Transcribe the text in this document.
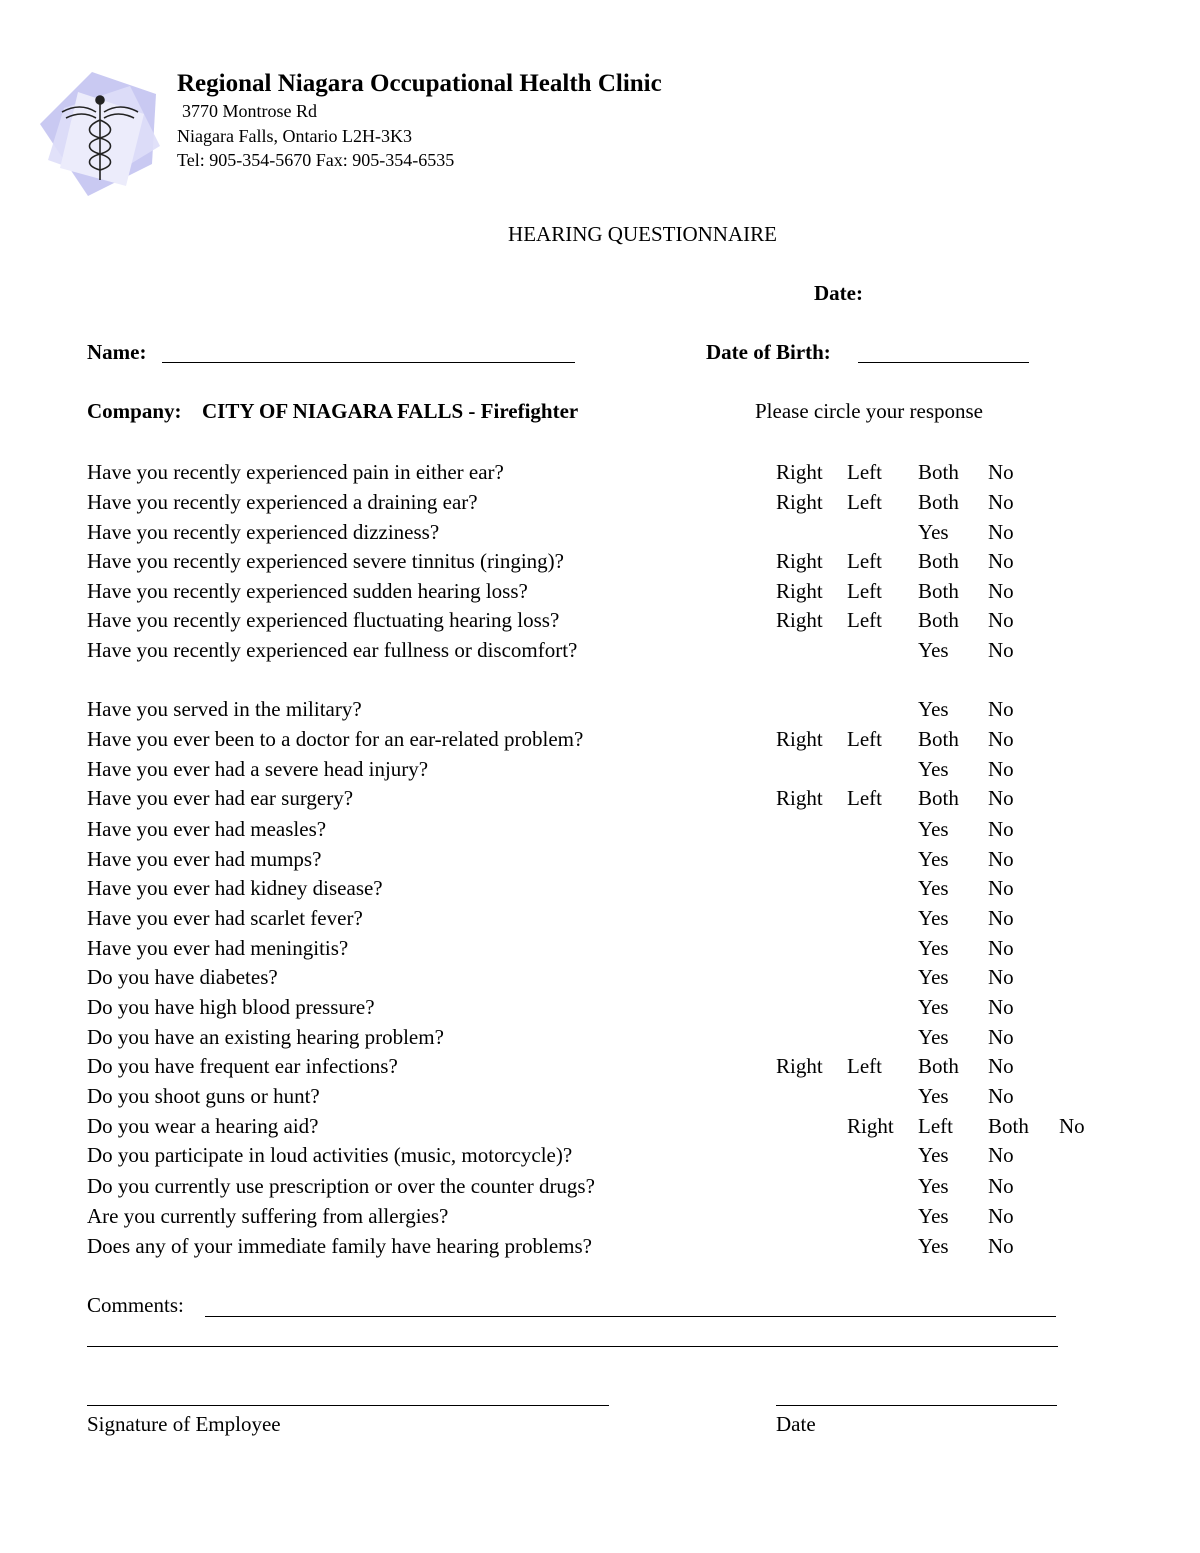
Regional Niagara Occupational Health Clinic
3770 Montrose Rd
Niagara Falls, Ontario L2H-3K3
Tel: 905-354-5670 Fax: 905-354-6535
HEARING QUESTIONNAIRE
Date:
Name:	Date of Birth:
Company: CITY OF NIAGARA FALLS - Firefighter	Please circle your response
Have you recently experienced pain in either ear?	Right Left Both No
Have you recently experienced a draining ear?	Right Left Both No
Have you recently experienced dizziness?	Yes No
Have you recently experienced severe tinnitus (ringing)?	Right Left Both No
Have you recently experienced sudden hearing loss?	Right Left Both No
Have you recently experienced fluctuating hearing loss?	Right Left Both No
Have you recently experienced ear fullness or discomfort?	Yes No
Have you served in the military?	Yes No
Have you ever been to a doctor for an ear-related problem?	Right Left Both No
Have you ever had a severe head injury?	Yes No
Have you ever had ear surgery?	Right Left Both No
Have you ever had measles?	Yes No
Have you ever had mumps?	Yes No
Have you ever had kidney disease?	Yes No
Have you ever had scarlet fever?	Yes No
Have you ever had meningitis?	Yes No
Do you have diabetes?	Yes No
Do you have high blood pressure?	Yes No
Do you have an existing hearing problem?	Yes No
Do you have frequent ear infections?	Right Left Both No
Do you shoot guns or hunt?	Yes No
Do you wear a hearing aid?	Right Left Both No
Do you participate in loud activities (music, motorcycle)?	Yes No
Do you currently use prescription or over the counter drugs?	Yes No
Are you currently suffering from allergies?	Yes No
Does any of your immediate family have hearing problems?	Yes No
Comments:
Signature of Employee	Date
